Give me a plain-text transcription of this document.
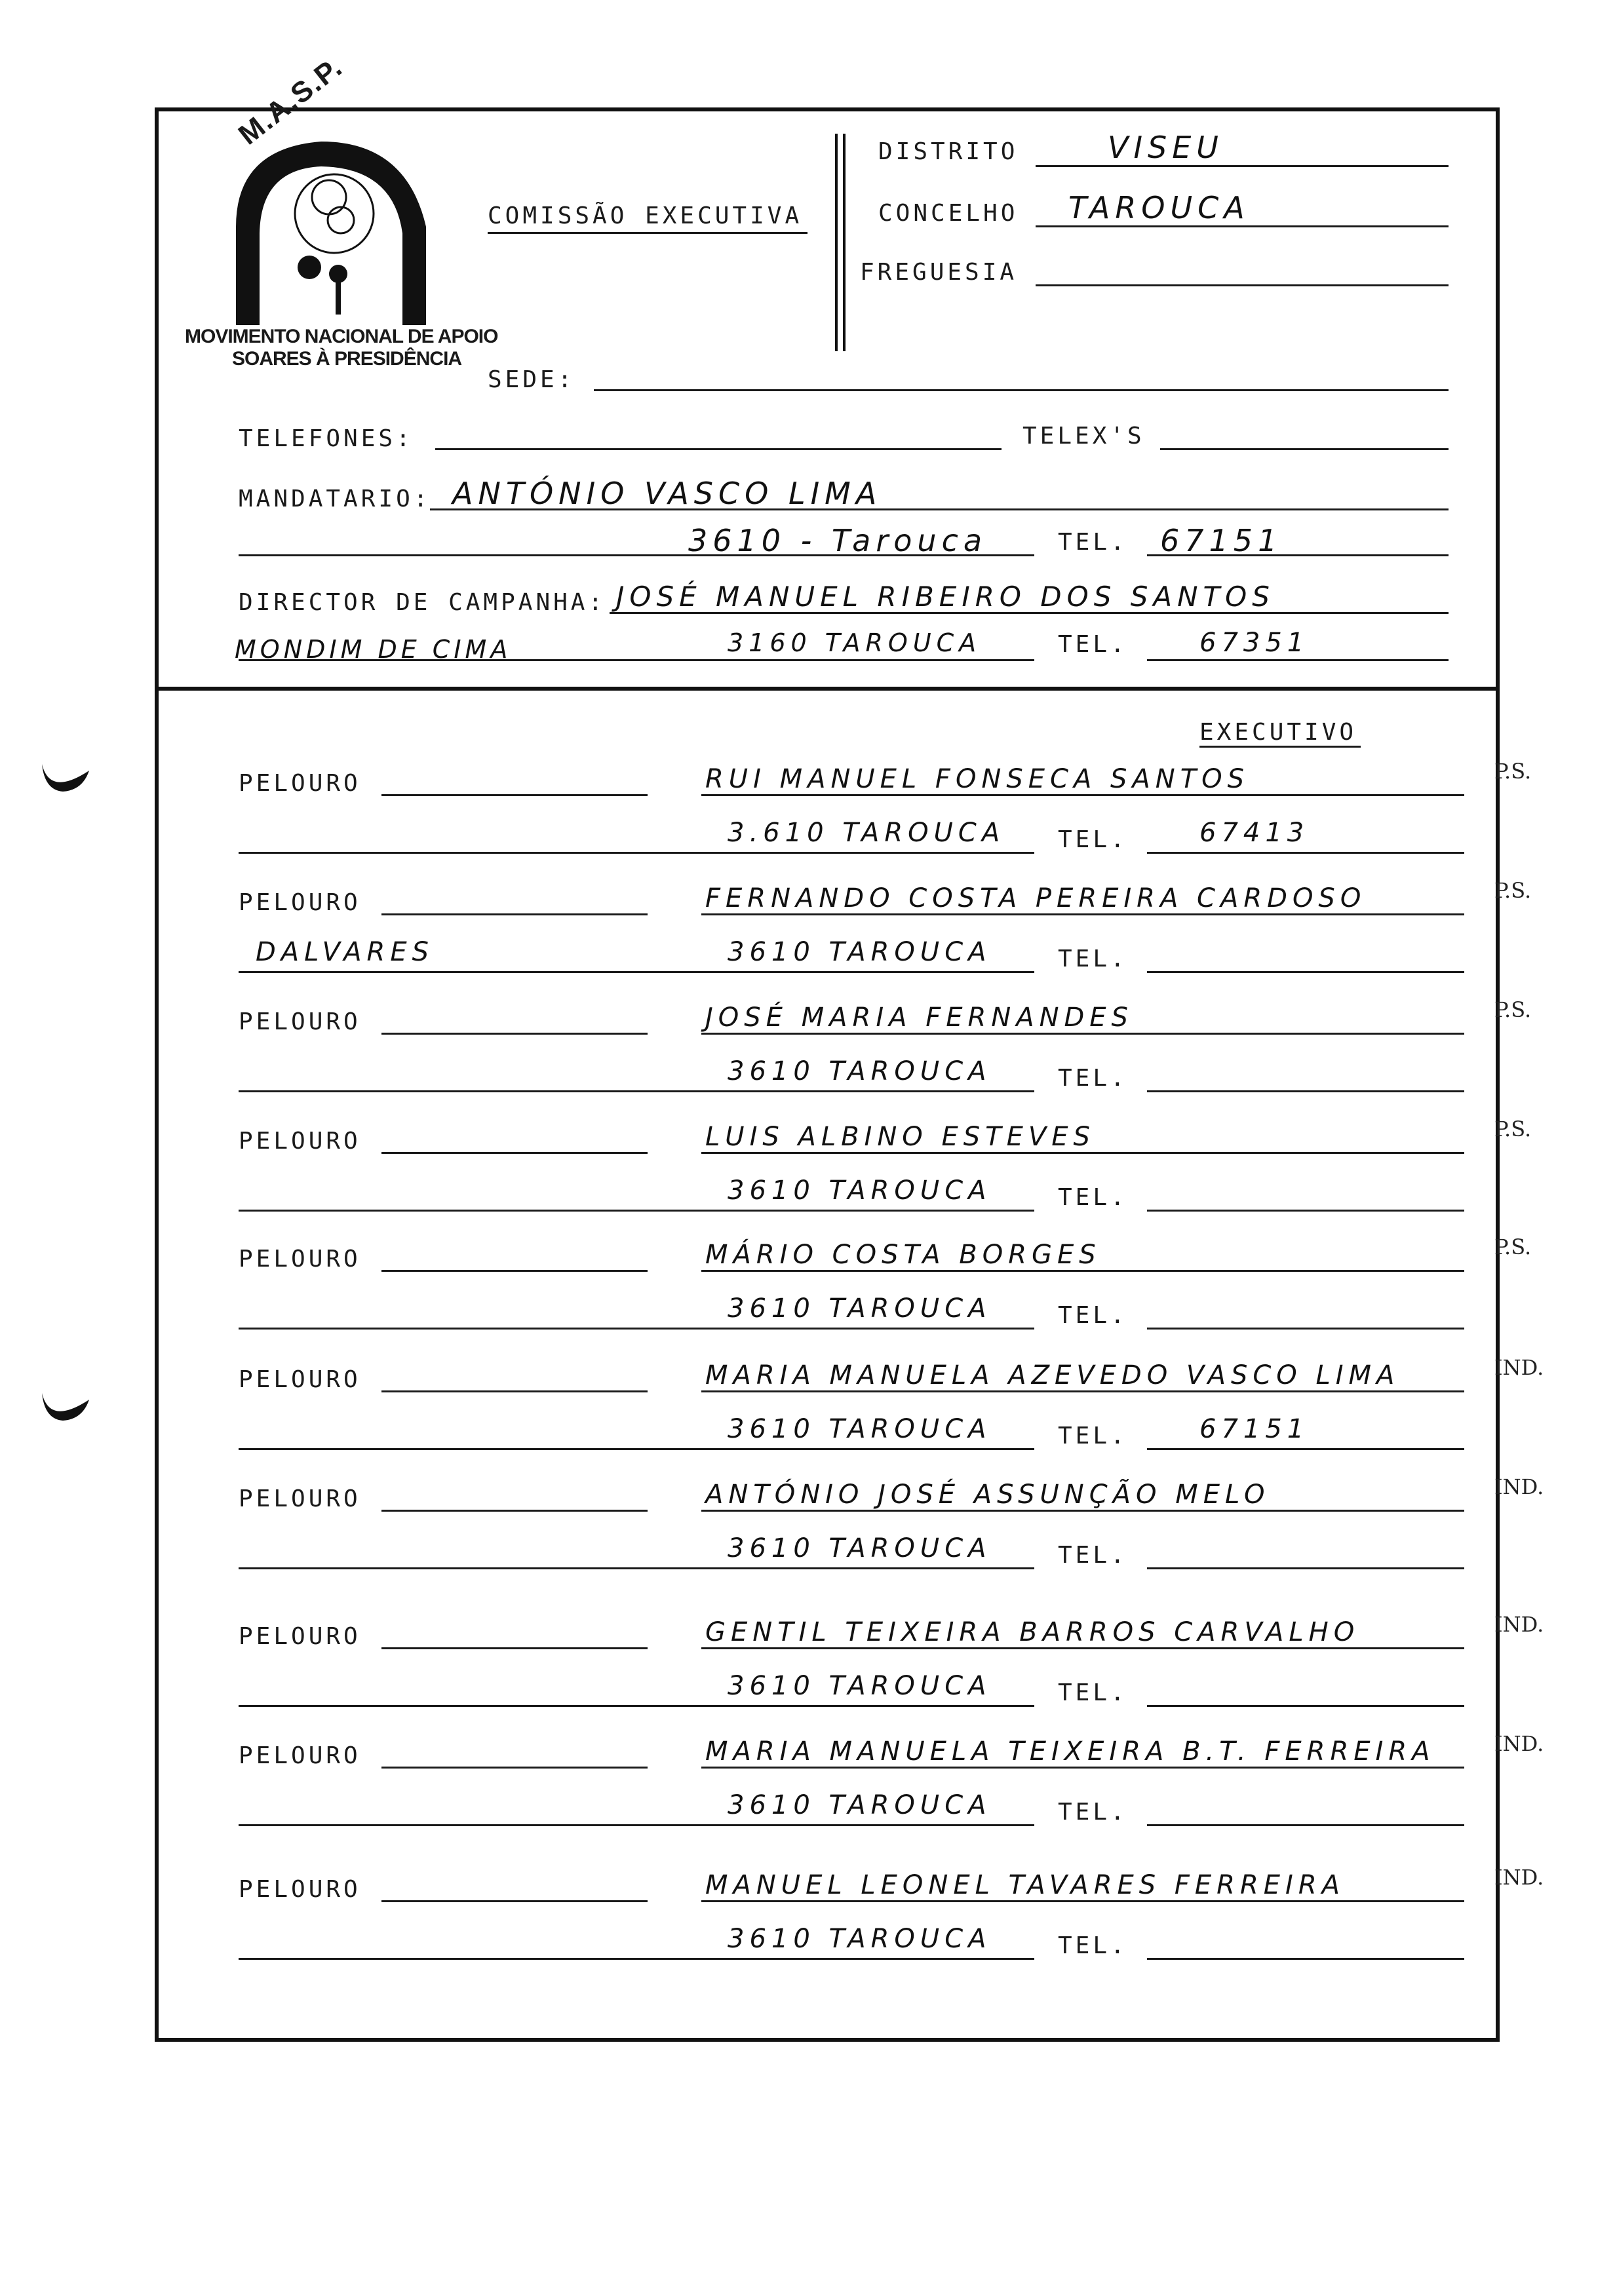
M.A.S.P.
MOVIMENTO NACIONAL DE APOIO
SOARES À PRESIDÊNCIA
COMISSÃO EXECUTIVA
DISTRITO	VISEU
CONCELHO TAROUCA
FREGUESIA
SEDE:
TELEFONES:	TELEX'S
MANDATARIO: ANTÓNIO VASCO LIMA
3610 - Tarouca	TEL. 67151
DIRECTOR DE CAMPANHA: JOSÉ MANUEL RIBEIRO DOS SANTOS
MONDIM DE CIMA	3160 TAROUCA	TEL.	67351
EXECUTIVO
PELOURO	RUI MANUEL FONSECA SANTOS	P.S.
3.610 TAROUCA TEL.	67413
PELOURO	FERNANDO COSTA PEREIRA CARDOSO	P.S.
DALVARES	3610 TAROUCA	TEL.
PELOURO	JOSÉ MARIA FERNANDES	P.S.
3610 TAROUCA	TEL.
PELOURO	LUIS ALBINO ESTEVES	P.S.
3610 TAROUCA	TEL.
PELOURO	MÁRIO COSTA BORGES	P.S.
3610 TAROUCA	TEL.
PELOURO	MARIA MANUELA AZEVEDO VASCO LIMA	IND.
3610 TAROUCA	TEL.	67151
PELOURO	ANTÓNIO JOSÉ ASSUNÇÃO MELO	IND.
3610 TAROUCA	TEL.
PELOURO	GENTIL TEIXEIRA BARROS CARVALHO	IND.
3610 TAROUCA	TEL.
PELOURO	MARIA MANUELA TEIXEIRA B.T. FERREIRA	IND.
3610 TAROUCA	TEL.
PELOURO	MANUEL LEONEL TAVARES FERREIRA	IND.
3610 TAROUCA	TEL.
